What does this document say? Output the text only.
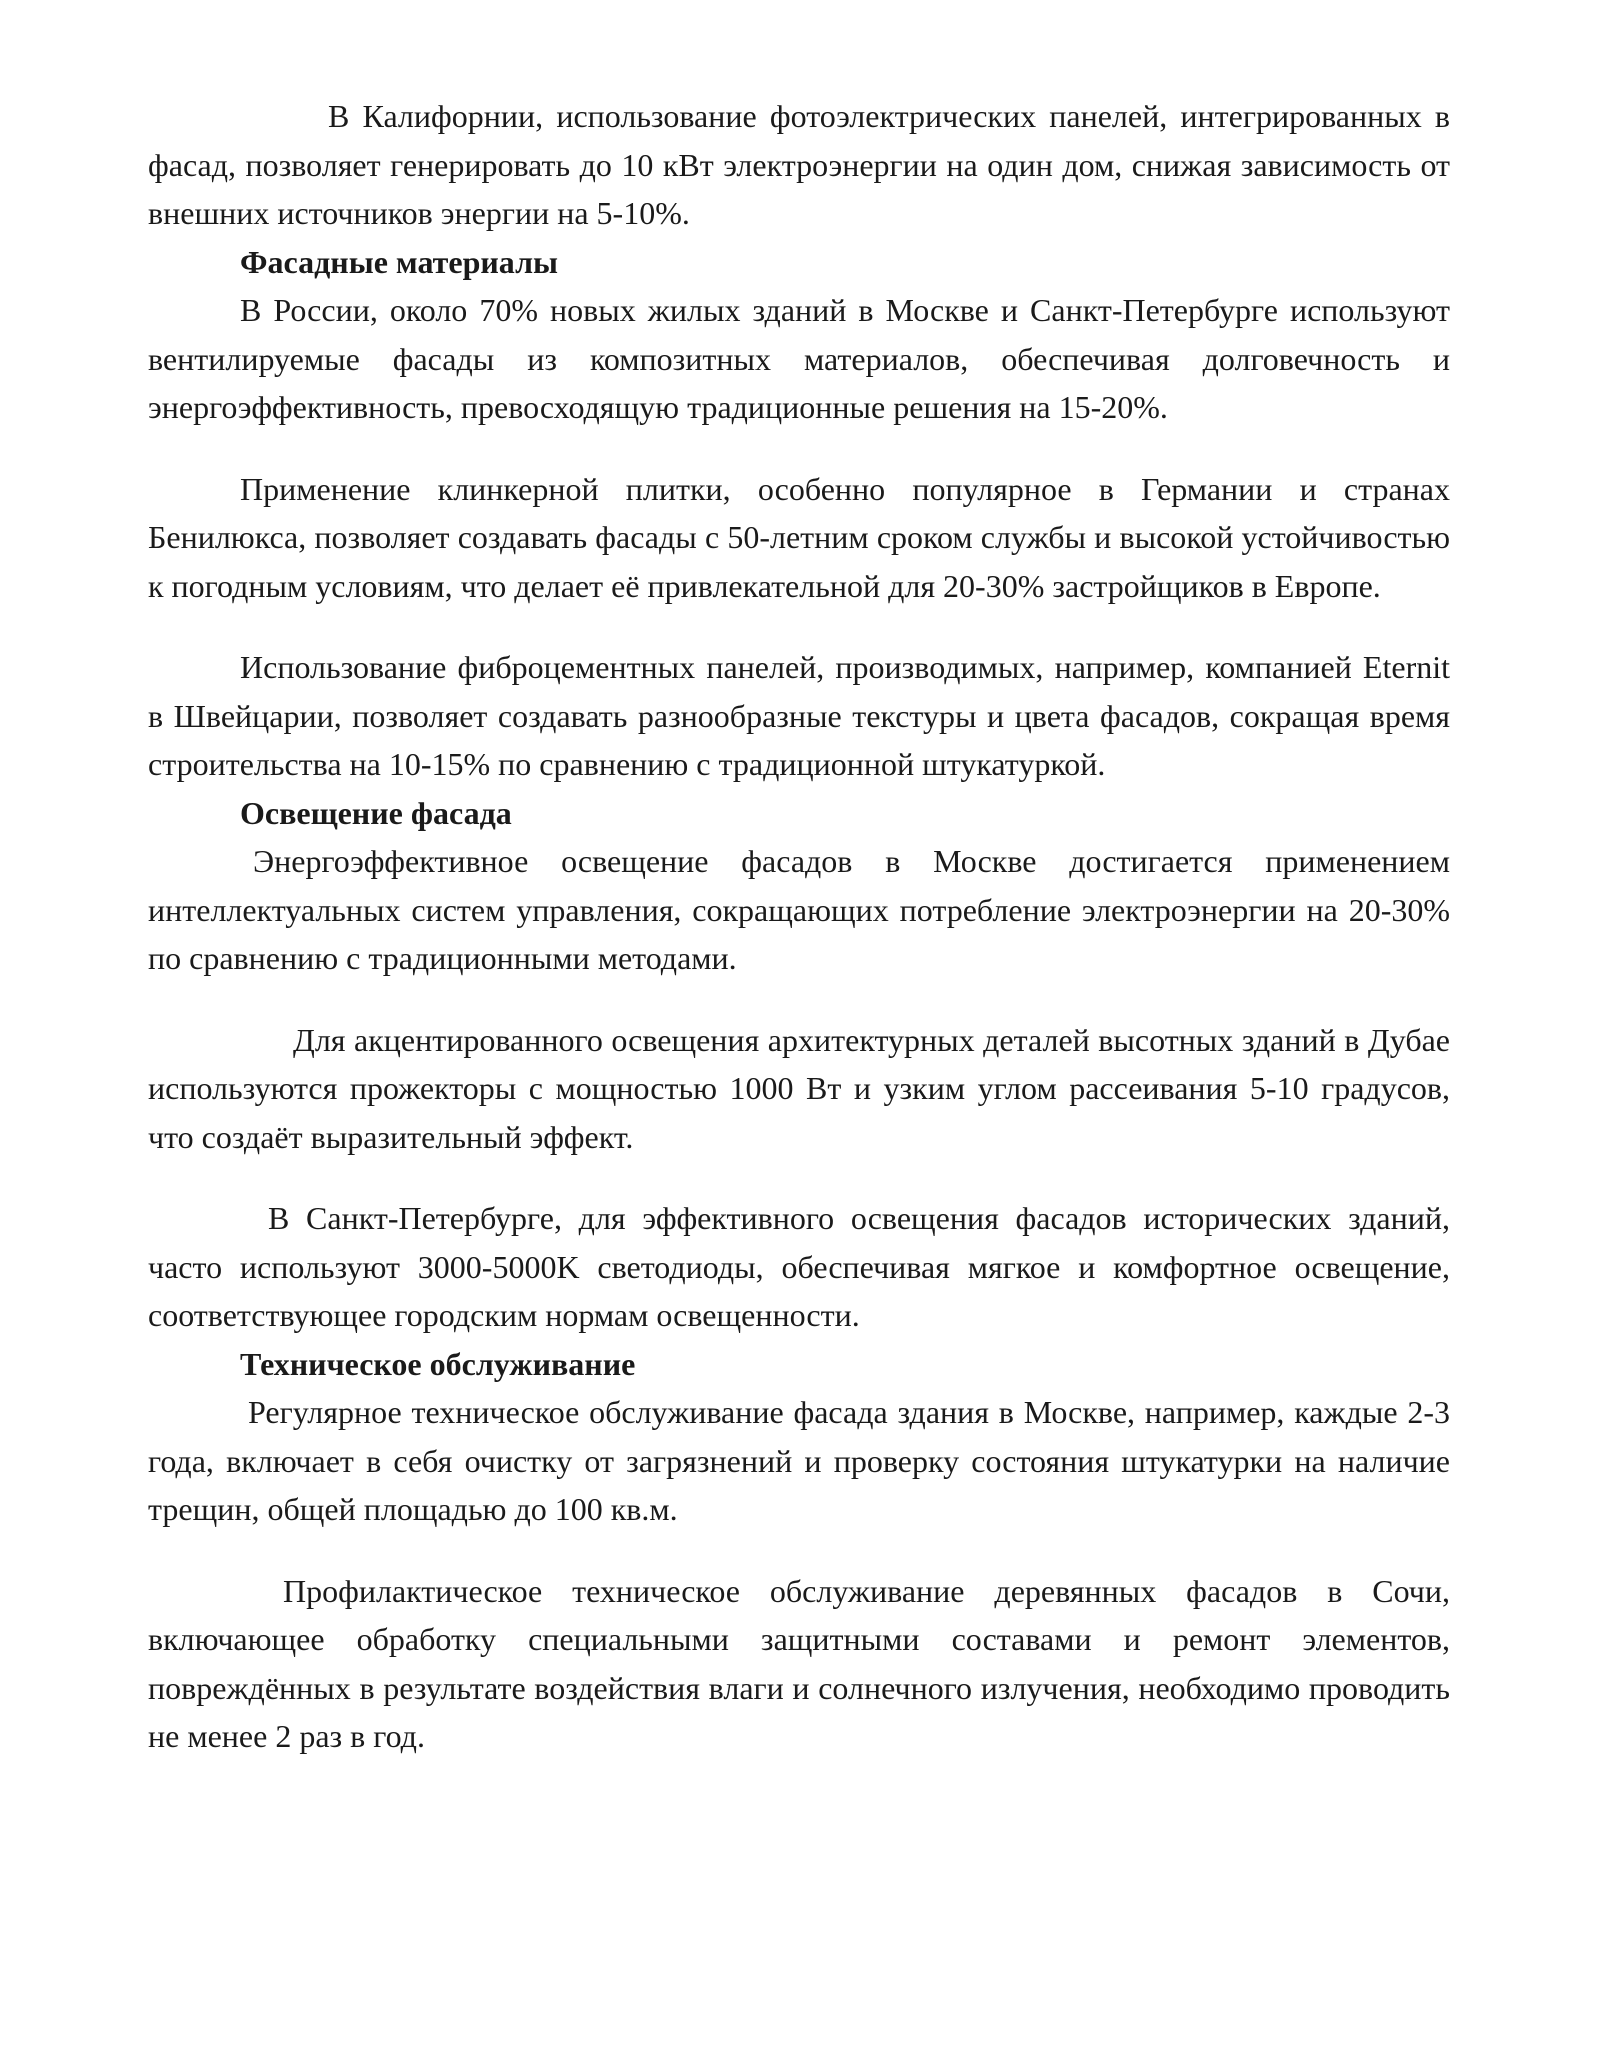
В Калифорнии, использование фотоэлектрических панелей, интегрированных в фасад, позволяет генерировать до 10 кВт электроэнергии на один дом, снижая зависимость от внешних источников энергии на 5-10%.

Фасадные материалы

В России, около 70% новых жилых зданий в Москве и Санкт-Петербурге используют вентилируемые фасады из композитных материалов, обеспечивая долговечность и энергоэффективность, превосходящую традиционные решения на 15-20%.

Применение клинкерной плитки, особенно популярное в Германии и странах Бенилюкса, позволяет создавать фасады с 50-летним сроком службы и высокой устойчивостью к погодным условиям, что делает её привлекательной для 20-30% застройщиков в Европе.

Использование фиброцементных панелей, производимых, например, компанией Eternit в Швейцарии, позволяет создавать разнообразные текстуры и цвета фасадов, сокращая время строительства на 10-15% по сравнению с традиционной штукатуркой.

Освещение фасада

Энергоэффективное освещение фасадов в Москве достигается применением интеллектуальных систем управления, сокращающих потребление электроэнергии на 20-30% по сравнению с традиционными методами.

Для акцентированного освещения архитектурных деталей высотных зданий в Дубае используются прожекторы с мощностью 1000 Вт и узким углом рассеивания 5-10 градусов, что создаёт выразительный эффект.

В Санкт-Петербурге, для эффективного освещения фасадов исторических зданий, часто используют 3000-5000K светодиоды, обеспечивая мягкое и комфортное освещение, соответствующее городским нормам освещенности.

Техническое обслуживание

Регулярное техническое обслуживание фасада здания в Москве, например, каждые 2-3 года, включает в себя очистку от загрязнений и проверку состояния штукатурки на наличие трещин, общей площадью до 100 кв.м.

Профилактическое техническое обслуживание деревянных фасадов в Сочи, включающее обработку специальными защитными составами и ремонт элементов, повреждённых в результате воздействия влаги и солнечного излучения, необходимо проводить не менее 2 раз в год.
